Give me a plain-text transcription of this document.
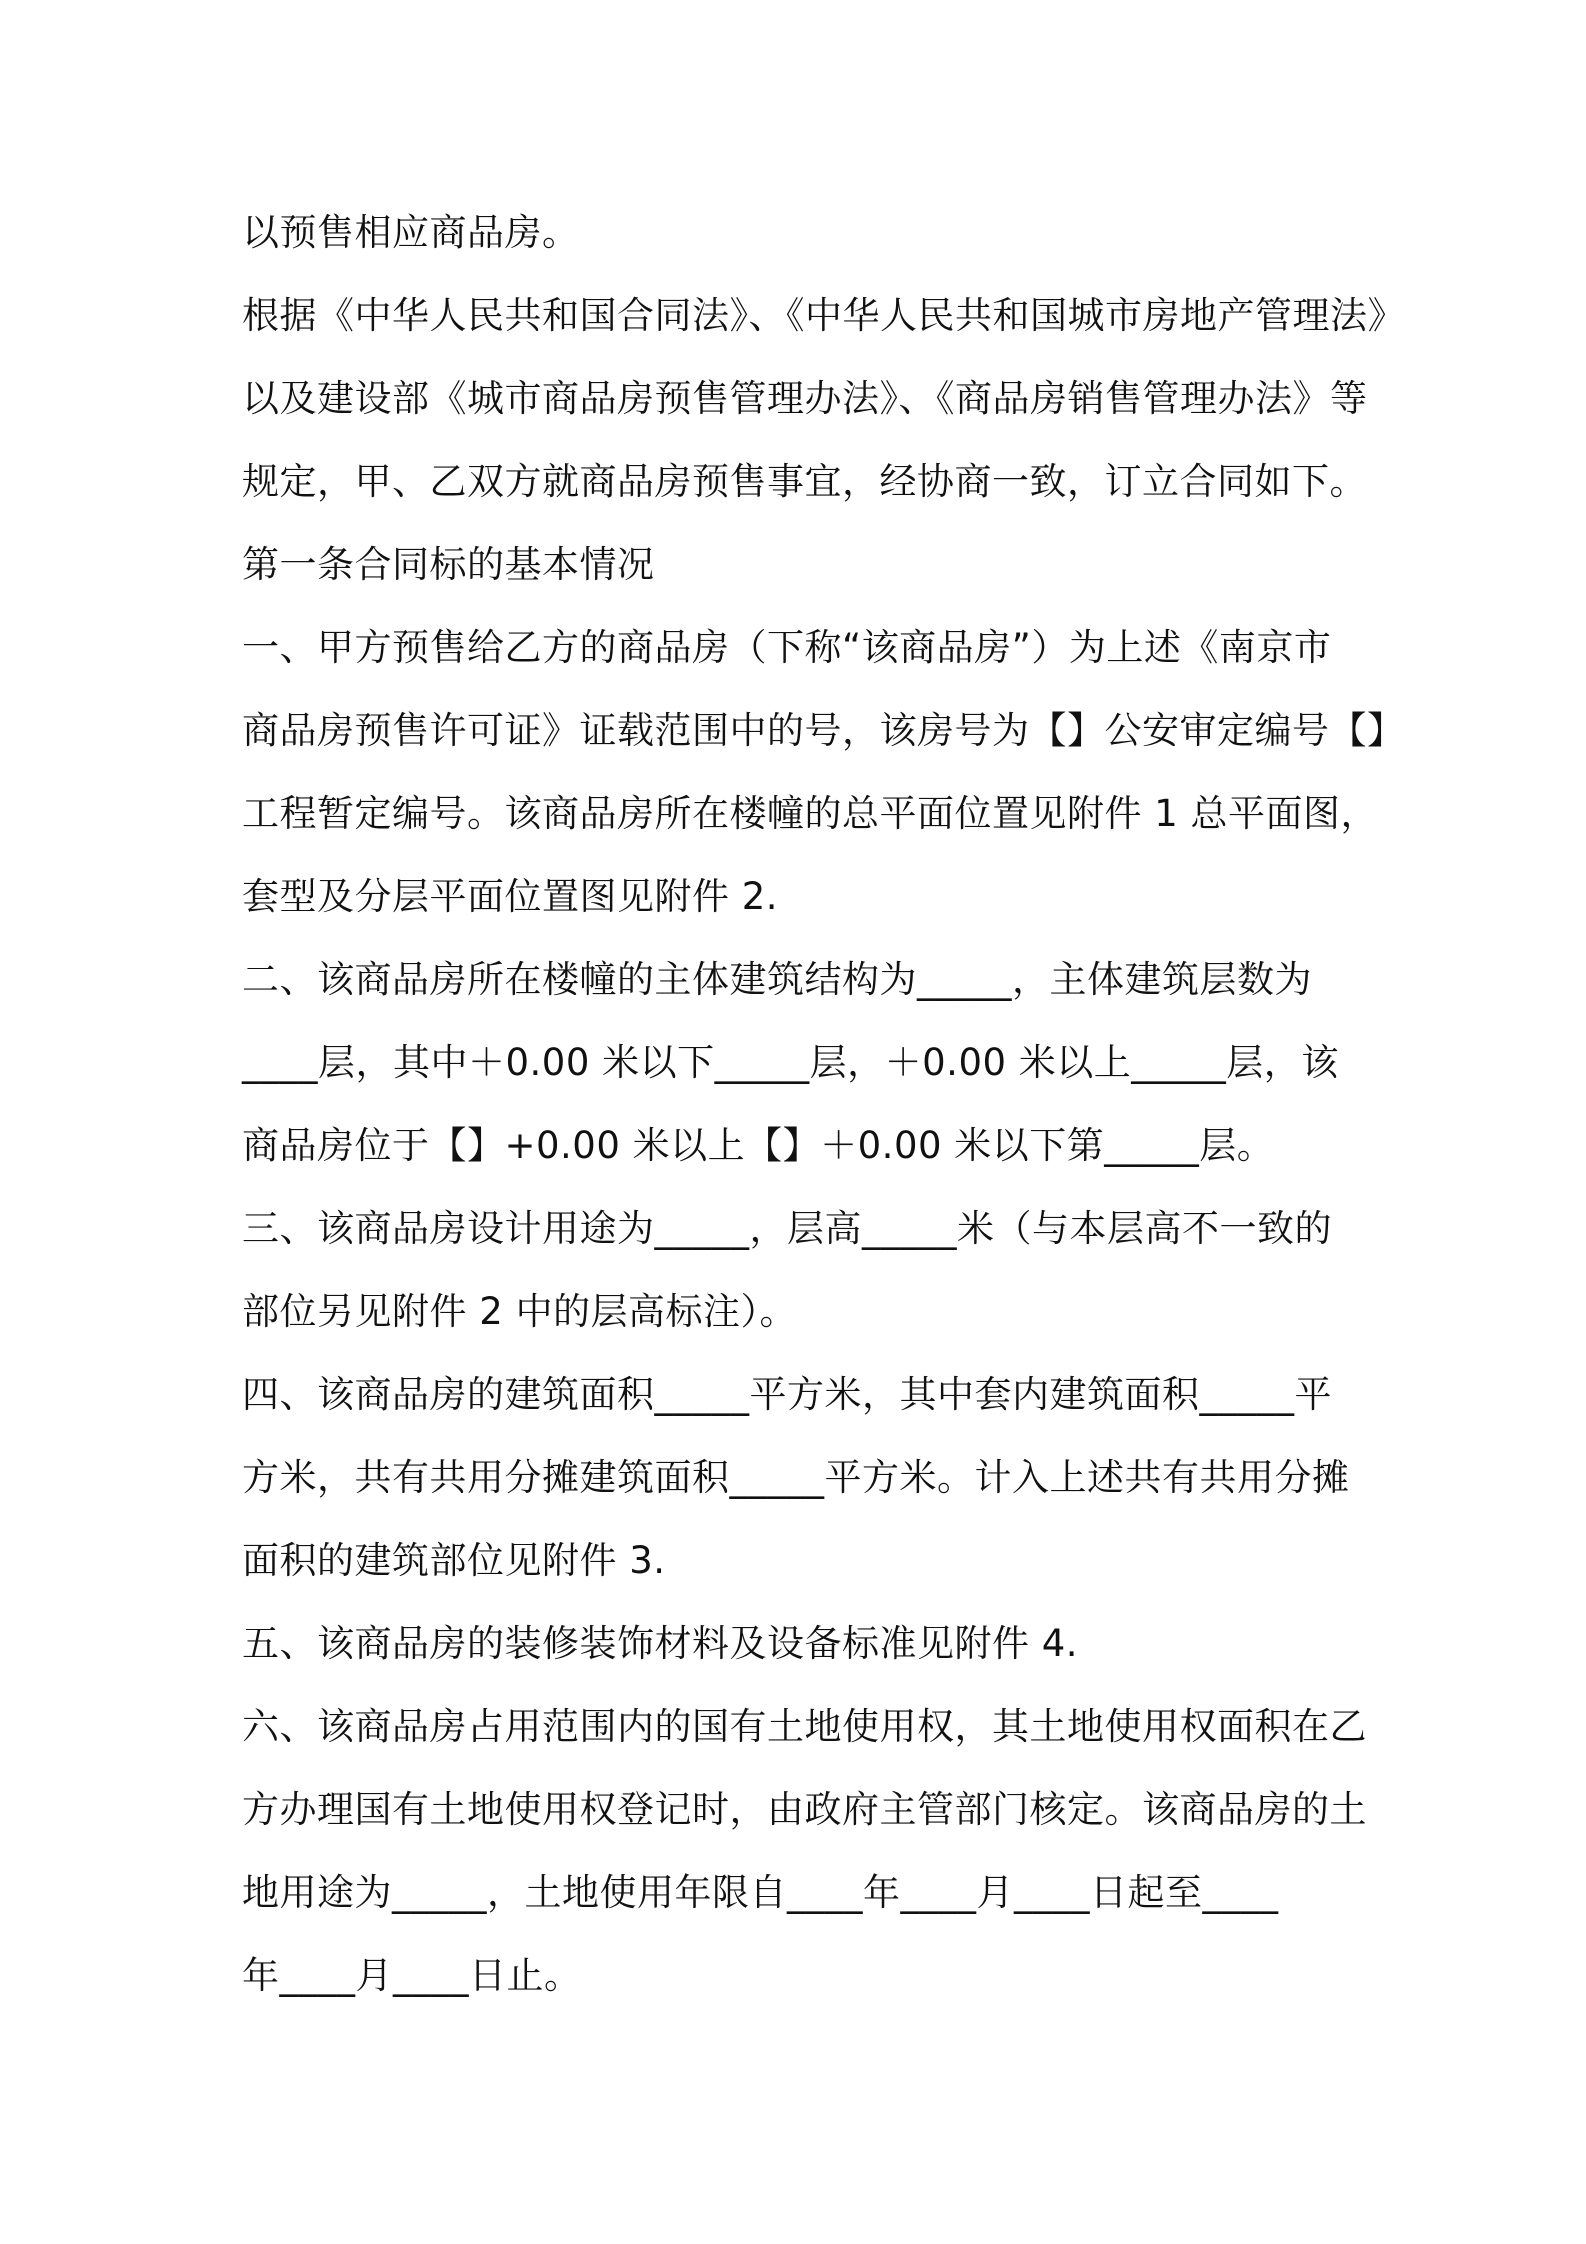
以预售相应商品房。
根据《中华人民共和国合同法》、《中华人民共和国城市房地产管理法》
以及建设部《城市商品房预售管理办法》、《商品房销售管理办法》等
规定，甲、乙双方就商品房预售事宜，经协商一致，订立合同如下。
第一条合同标的基本情况
一、甲方预售给乙方的商品房（下称“该商品房”）为上述《南京市
商品房预售许可证》证载范围中的号，该房号为【】公安审定编号【】
工程暂定编号。该商品房所在楼幢的总平面位置见附件 1 总平面图，
套型及分层平面位置图见附件 2.
二、该商品房所在楼幢的主体建筑结构为_____，主体建筑层数为
____层，其中＋0.00 米以下_____层，＋0.00 米以上_____层，该
商品房位于【】+0.00 米以上【】＋0.00 米以下第_____层。
三、该商品房设计用途为_____，层高_____米（与本层高不一致的
部位另见附件 2 中的层高标注）。
四、该商品房的建筑面积_____平方米，其中套内建筑面积_____平
方米，共有共用分摊建筑面积_____平方米。计入上述共有共用分摊
面积的建筑部位见附件 3.
五、该商品房的装修装饰材料及设备标准见附件 4.
六、该商品房占用范围内的国有土地使用权，其土地使用权面积在乙
方办理国有土地使用权登记时，由政府主管部门核定。该商品房的土
地用途为_____，土地使用年限自____年____月____日起至____
年____月____日止。
